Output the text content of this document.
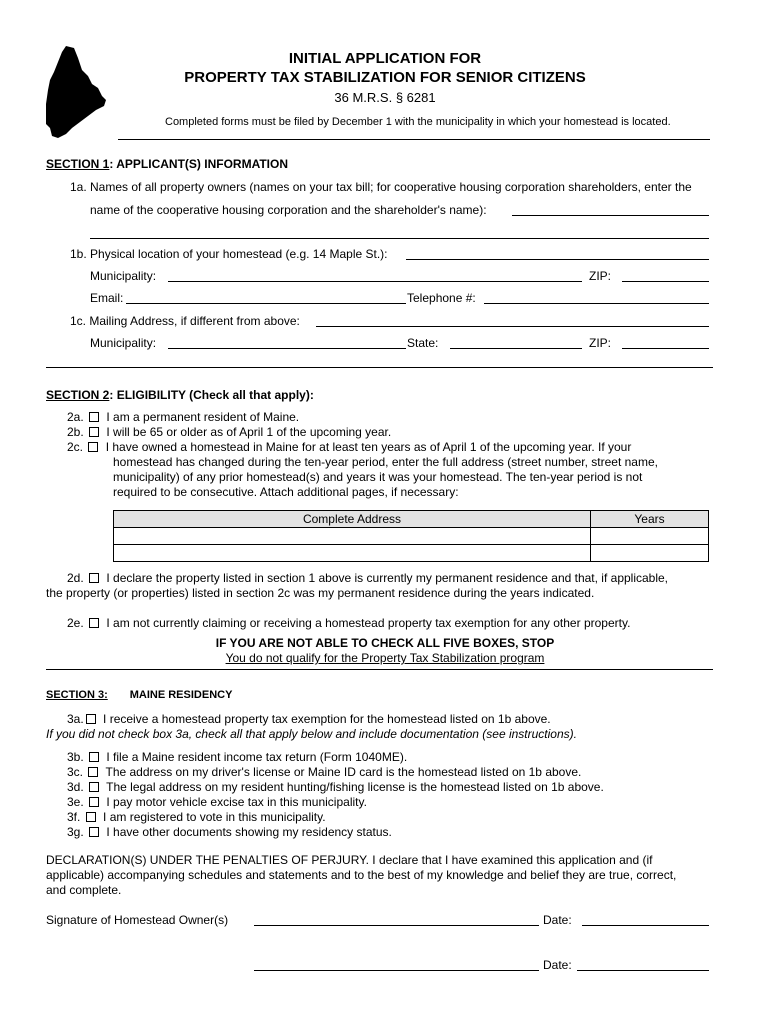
INITIAL APPLICATION FOR
PROPERTY TAX STABILIZATION FOR SENIOR CITIZENS
36 M.R.S. § 6281
Completed forms must be filed by December 1 with the municipality in which your homestead is located.
SECTION 1: APPLICANT(S) INFORMATION
1a. Names of all property owners (names on your tax bill; for cooperative housing corporation shareholders, enter the
name of the cooperative housing corporation and the shareholder's name):
1b. Physical location of your homestead (e.g. 14 Maple St.):
Municipality:	ZIP:
Email:	Telephone #:
1c. Mailing Address, if different from above:
Municipality:	State:	ZIP:
SECTION 2: ELIGIBILITY (Check all that apply):
2a. I am a permanent resident of Maine.
2b. I will be 65 or older as of April 1 of the upcoming year.
2c. I have owned a homestead in Maine for at least ten years as of April 1 of the upcoming year. If your
homestead has changed during the ten-year period, enter the full address (street number, street name,
municipality) of any prior homestead(s) and years it was your homestead. The ten-year period is not
required to be consecutive. Attach additional pages, if necessary:
Complete Address	Years

2d. I declare the property listed in section 1 above is currently my permanent residence and that, if applicable,
the property (or properties) listed in section 2c was my permanent residence during the years indicated.
2e. I am not currently claiming or receiving a homestead property tax exemption for any other property.
IF YOU ARE NOT ABLE TO CHECK ALL FIVE BOXES, STOP
You do not qualify for the Property Tax Stabilization program
SECTION 3: MAINE RESIDENCY
3a. I receive a homestead property tax exemption for the homestead listed on 1b above.
If you did not check box 3a, check all that apply below and include documentation (see instructions).
3b. I file a Maine resident income tax return (Form 1040ME).
3c. The address on my driver's license or Maine ID card is the homestead listed on 1b above.
3d. The legal address on my resident hunting/fishing license is the homestead listed on 1b above.
3e. I pay motor vehicle excise tax in this municipality.
3f. I am registered to vote in this municipality.
3g. I have other documents showing my residency status.
DECLARATION(S) UNDER THE PENALTIES OF PERJURY. I declare that I have examined this application and (if
applicable) accompanying schedules and statements and to the best of my knowledge and belief they are true, correct,
and complete.
Signature of Homestead Owner(s)	Date:
Date:
